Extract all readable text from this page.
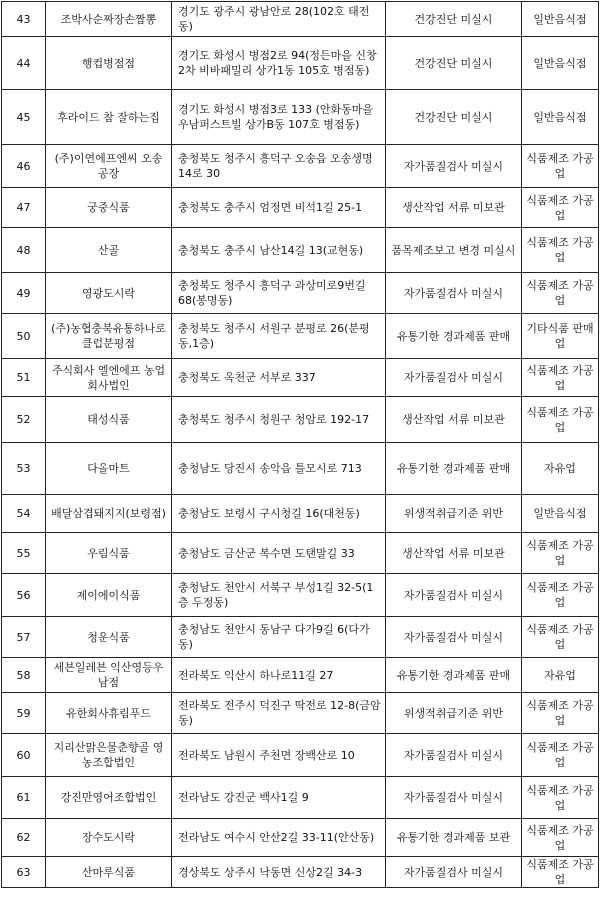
43	조박사순짜장손짬뽕	경기도 광주시 광남안로 28(102호 태전동)	건강진단 미실시	일반음식점
44	행컵병점점	경기도 화성시 병점2로 94(정든마을 신창2차 비바패밀리 상가1동 105호 병점동)	건강진단 미실시	일반음식점
45	후라이드 참 잘하는집	경기도 화성시 병점3로 133 (안화동마을우남퍼스트빌 상가B동 107호 병점동)	건강진단 미실시	일반음식점
46	(주)이연에프엔씨 오송공장	충청북도 청주시 흥덕구 오송읍 오송생명14로 30	자가품질검사 미실시	식품제조 가공업
47	궁중식품	충청북도 충주시 엄정면 비석1길 25-1	생산작업 서류 미보관	식품제조 가공업
48	산골	충청북도 충주시 남산14길 13(교현동)	품목제조보고 변경 미실시	식품제조 가공업
49	영광도시락	충청북도 청주시 흥덕구 과상미로9번길 68(봉명동)	자가품질검사 미실시	식품제조 가공업
50	(주)농협충북유통하나로클럽분평점	충청북도 청주시 서원구 분평로 26(분평동,1층)	유통기한 경과제품 판매	기타식품 판매업
51	주식회사 엘엔에프 농업회사법인	충청북도 옥천군 서부로 337	자가품질검사 미실시	식품제조 가공업
52	태성식품	충청북도 청주시 청원구 청암로 192-17	생산작업 서류 미보관	식품제조 가공업
53	다올마트	충청남도 당진시 송악읍 틀모시로 713	유통기한 경과제품 판매	자유업
54	배달삼겹돼지지(보령점)	충청남도 보령시 구시청길 16(대천동)	위생적취급기준 위반	일반음식점
55	우림식품	충청남도 금산군 복수면 도탠말길 33	생산작업 서류 미보관	식품제조 가공업
56	제이에이식품	충청남도 천안시 서북구 부성1길 32-5(1층 두정동)	자가품질검사 미실시	식품제조 가공업
57	청운식품	충청남도 천안시 동남구 다가9길 6(다가동)	자가품질검사 미실시	식품제조 가공업
58	세븐일레븐 익산영등우남점	전라북도 익산시 하나로11길 27	유통기한 경과제품 판매	자유업
59	유한회사휴림푸드	전라북도 전주시 덕진구 딱전로 12-8(금암동)	위생적취급기준 위반	식품제조 가공업
60	지리산맑은물춘향골 영농조합법인	전라북도 남원시 주천면 장백산로 10	자가품질검사 미실시	식품제조 가공업
61	강진만영어조합법인	전라남도 강진군 백사1길 9	자가품질검사 미실시	식품제조 가공업
62	장수도시락	전라남도 여수시 안산2길 33-11(안산동)	유통기한 경과제품 보관	식품제조 가공업
63	산마루식품	경상북도 상주시 낙동면 신상2길 34-3	자가품질검사 미실시	식품제조 가공업
